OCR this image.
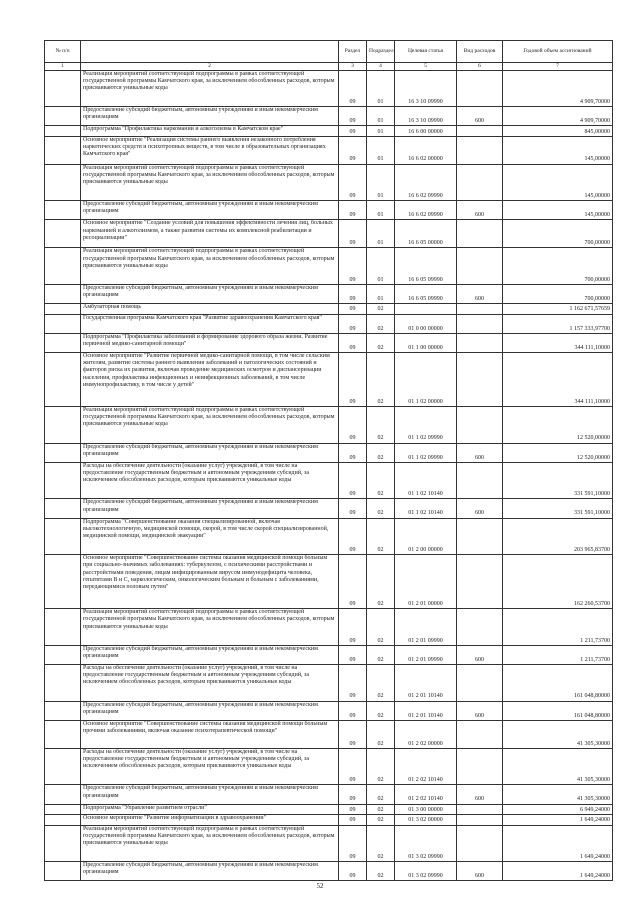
№ п/п		Раздел	Подраздел	Целевая статья	Вид расходов	Годовой объем ассигнований
1	2	3	4	5	6	7
	Реализация мероприятий соответствующей подпрограммы в рамках соответствующей государственной программы Камчатского края, за исключением обособленных расходов, которым присваиваются уникальные коды	09	01	16 3 10 09990		4 909,70000
	Предоставление субсидий бюджетным, автономным учреждениям и иным некоммерческим организациям	09	01	16 3 10 09990	600	4 909,70000
	Подпрограмма "Профилактика наркомании и алкоголизма в Камчатском крае"	09	01	16 6 00 00000		845,00000
	Основное мероприятие "Реализация системы раннего выявления незаконного потребления наркотических средств и психотропных веществ, в том числе в образовательных организациях Камчатского края"	09	01	16 6 02 00000		145,00000
	Реализация мероприятий соответствующей подпрограммы в рамках соответствующей государственной программы Камчатского края, за исключением обособленных расходов, которым присваиваются уникальные коды	09	01	16 6 02 09990		145,00000
	Предоставление субсидий бюджетным, автономным учреждениям и иным некоммерческим организациям	09	01	16 6 02 09990	600	145,00000
	Основное мероприятие "Создание условий для повышения эффективности лечения лиц, больных наркоманией и алкоголизмом, а также развития системы их комплексной реабилитации и ресоциализации"	09	01	16 6 05 00000		700,00000
	Реализация мероприятий соответствующей подпрограммы в рамках соответствующей государственной программы Камчатского края, за исключением обособленных расходов, которым присваиваются уникальные коды	09	01	16 6 05 09990		700,00000
	Предоставление субсидий бюджетным, автономным учреждениям и иным некоммерческим организациям	09	01	16 6 05 09990	600	700,00000
	Амбулаторная помощь	09	02			1 162 671,57659
	Государственная программа Камчатского края "Развитие здравоохранения Камчатского края"	09	02	01 0 00 00000		1 157 333,97700
	Подпрограмма "Профилактика заболеваний и формирование здорового образа жизни. Развитие первичной медико-санитарной помощи"	09	02	01 1 00 00000		344 111,10000
	Основное мероприятие "Развитие первичной медико-санитарной помощи, в том числе сельским жителям, развитие системы раннего выявления заболеваний и патологических состояний и факторов риска их развития, включая проведение медицинских осмотров и диспансеризации населения, профилактика инфекционных и неинфекционных заболеваний, в том числе иммунопрофилактику, в том числе у детей"	09	02	01 1 02 00000		344 111,10000
	Реализация мероприятий соответствующей подпрограммы в рамках соответствующей государственной программы Камчатского края, за исключением обособленных расходов, которым присваиваются уникальные коды	09	02	01 1 02 09990		12 520,00000
	Предоставление субсидий бюджетным, автономным учреждениям и иным некоммерческим организациям	09	02	01 1 02 09990	600	12 520,00000
	Расходы на обеспечение деятельности (оказание услуг) учреждений, в том числе на предоставление государственным бюджетным и автономным учреждениям субсидий, за исключением обособленных расходов, которым присваиваются уникальные коды	09	02	01 1 02 10140		331 591,10000
	Предоставление субсидий бюджетным, автономным учреждениям и иным некоммерческим организациям	09	02	01 1 02 10140	600	331 591,10000
	Подпрограмма "Совершенствование оказания специализированной, включая высокотехнологичную, медицинской помощи, скорой, в том числе скорой специализированной, медицинской помощи, медицинской эвакуации"	09	02	01 2 00 00000		203 965,83700
	Основное мероприятие "Совершенствование системы оказания медицинской помощи больным при социально-значимых заболеваниях: туберкулезом, с психическими расстройствами и расстройствами поведения, лицам инфицированным вирусом иммунодефицита человека, гепатитами В и С, наркологическим, онкологическим больным и больным с заболеваниями, передающимися половым путем"	09	02	01 2 01 00000		162 260,53700
	Реализация мероприятий соответствующей подпрограммы в рамках соответствующей государственной программы Камчатского края, за исключением обособленных расходов, которым присваиваются уникальные коды	09	02	01 2 01 09990		1 211,73700
	Предоставление субсидий бюджетным, автономным учреждениям и иным некоммерческим организациям	09	02	01 2 01 09990	600	1 211,73700
	Расходы на обеспечение деятельности (оказание услуг) учреждений, в том числе на предоставление государственным бюджетным и автономным учреждениям субсидий, за исключением обособленных расходов, которым присваиваются уникальные коды	09	02	01 2 01 10140		161 048,80000
	Предоставление субсидий бюджетным, автономным учреждениям и иным некоммерческим организациям	09	02	01 2 01 10140	600	161 048,80000
	Основное мероприятие "Совершенствование системы оказания медицинской помощи больным прочими заболеваниями, включая оказание психотерапевтической помощи"	09	02	01 2 02 00000		41 305,30000
	Расходы на обеспечение деятельности (оказание услуг) учреждений, в том числе на предоставление государственным бюджетным и автономным учреждениям субсидий, за исключением обособленных расходов, которым присваиваются уникальные коды	09	02	01 2 02 10140		41 305,30000
	Предоставление субсидий бюджетным, автономным учреждениям и иным некоммерческим организациям	09	02	01 2 02 10140	600	41 305,30000
	Подпрограмма "Управление развитием отрасли"	09	02	01 3 00 00000		6 949,24000
	Основное мероприятие "Развитие информатизации в здравоохранении"	09	02	01 3 02 00000		1 649,24000
	Реализация мероприятий соответствующей подпрограммы в рамках соответствующей государственной программы Камчатского края, за исключением обособленных расходов, которым присваиваются уникальные коды	09	02	01 3 02 09990		1 649,24000
	Предоставление субсидий бюджетным, автономным учреждениям и иным некоммерческим организациям	09	02	01 3 02 09990	600	1 649,24000
52
